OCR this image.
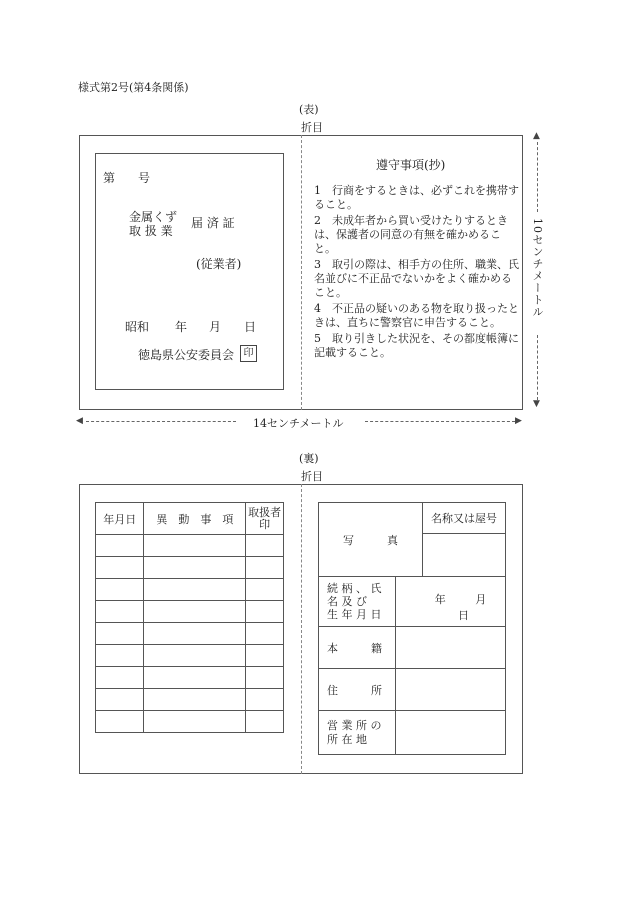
様式第2号(第4条関係)
(表)
折目
第 号
金属くず
取 扱 業
届 済 証
(従業者)
昭和 年 月 日
徳島県公安委員会 印
遵守事項(抄)
1　行商をするときは、必ずこれを携帯すること。
2　未成年者から買い受けたりするときは、保護者の同意の有無を確かめること。
3　取引の際は、相手方の住所、職業、氏名並びに不正品でないかをよく確かめること。
4　不正品の疑いのある物を取り扱ったときは、直ちに警察官に申告すること。
5　取り引きした状況を、その都度帳簿に記載すること。
▲
10センチメートル
▼
◀	14センチメートル	▶
(裏)
折目
年月日	異　動　事　項	取扱者印

写　　　真		名称又は屋号

続 柄 、 氏
名 及 び
生 年 月 日	年 月 日	
本　　　籍		
住　　　所		

営 業 所 の
所 在 地		
